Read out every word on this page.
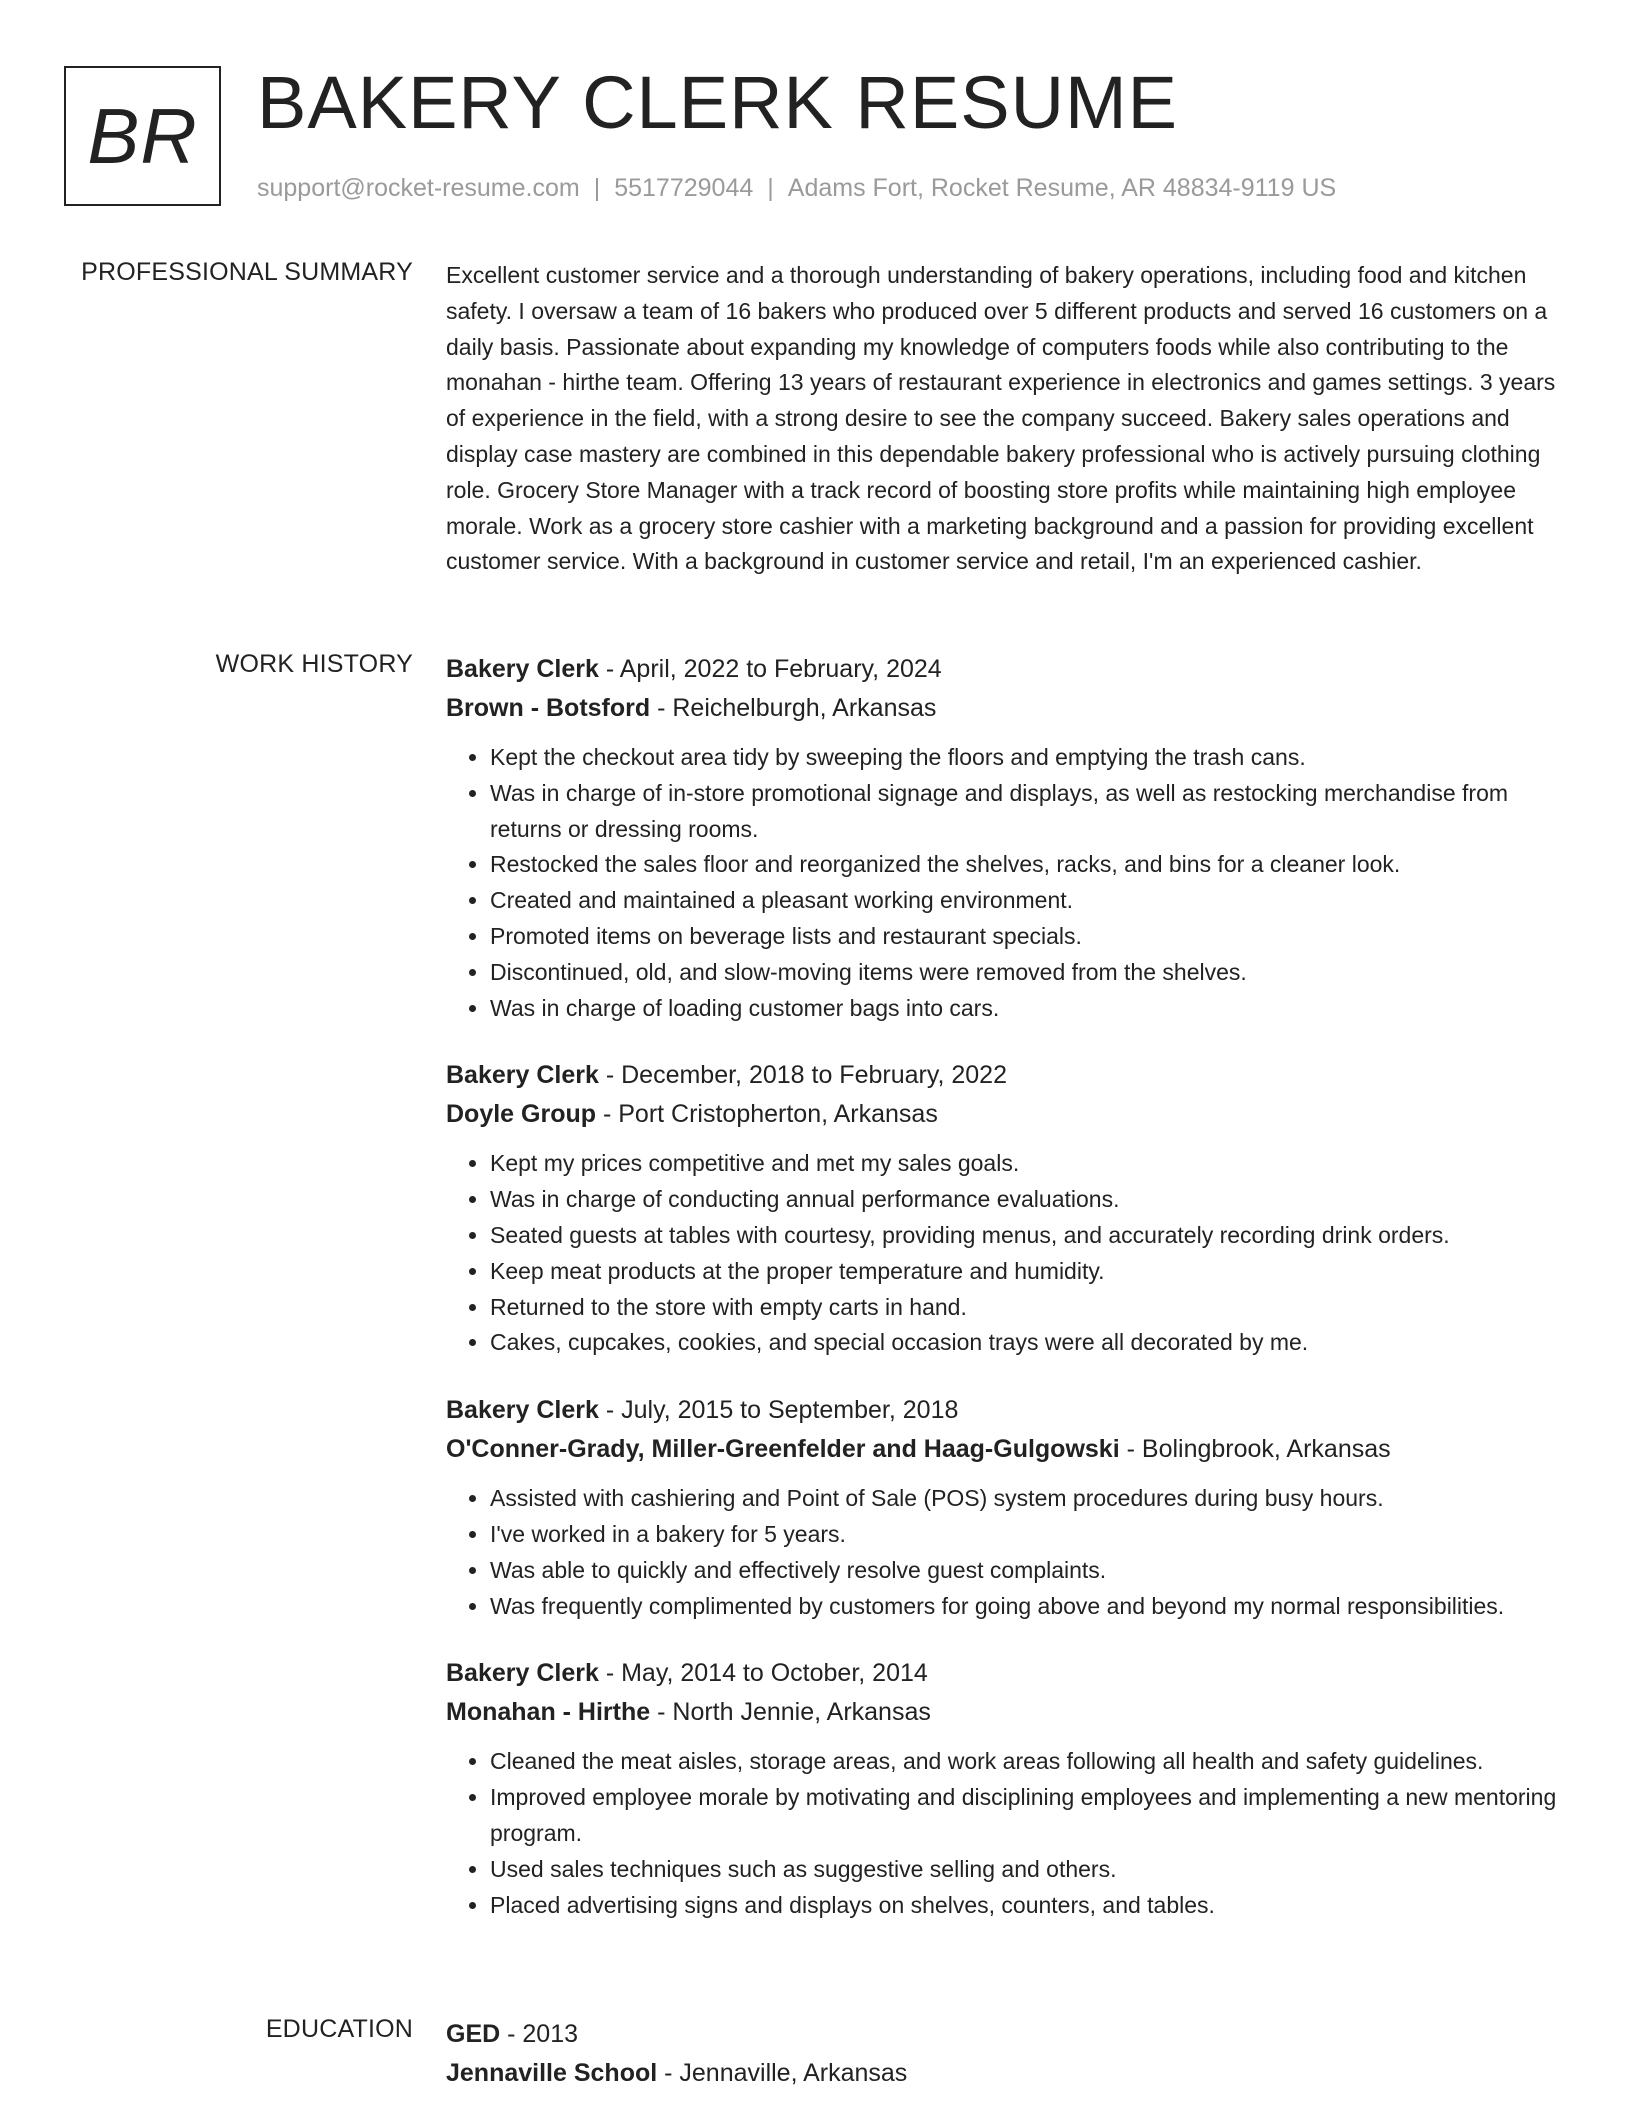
BR BAKERY CLERK RESUME
support@rocket-resume.com | 5517729044 | Adams Fort, Rocket Resume, AR 48834-9119 US
PROFESSIONAL SUMMARY Excellent customer service and a thorough understanding of bakery operations, including food and kitchen safety. I oversaw a team of 16 bakers who produced over 5 different products and served 16 customers on a daily basis. Passionate about expanding my knowledge of computers foods while also contributing to the monahan - hirthe team. Offering 13 years of restaurant experience in electronics and games settings. 3 years of experience in the field, with a strong desire to see the company succeed. Bakery sales operations and display case mastery are combined in this dependable bakery professional who is actively pursuing clothing role. Grocery Store Manager with a track record of boosting store profits while maintaining high employee morale. Work as a grocery store cashier with a marketing background and a passion for providing excellent customer service. With a background in customer service and retail, I'm an experienced cashier.

WORK HISTORY Bakery Clerk - April, 2022 to February, 2024
Brown - Botsford - Reichelburgh, Arkansas
• Kept the checkout area tidy by sweeping the floors and emptying the trash cans.
• Was in charge of in-store promotional signage and displays, as well as restocking merchandise from returns or dressing rooms.
• Restocked the sales floor and reorganized the shelves, racks, and bins for a cleaner look.
• Created and maintained a pleasant working environment.
• Promoted items on beverage lists and restaurant specials.
• Discontinued, old, and slow-moving items were removed from the shelves.
• Was in charge of loading customer bags into cars.
Bakery Clerk - December, 2018 to February, 2022
Doyle Group - Port Cristopherton, Arkansas
• Kept my prices competitive and met my sales goals.
• Was in charge of conducting annual performance evaluations.
• Seated guests at tables with courtesy, providing menus, and accurately recording drink orders.
• Keep meat products at the proper temperature and humidity.
• Returned to the store with empty carts in hand.
• Cakes, cupcakes, cookies, and special occasion trays were all decorated by me.
Bakery Clerk - July, 2015 to September, 2018
O'Conner-Grady, Miller-Greenfelder and Haag-Gulgowski - Bolingbrook, Arkansas
• Assisted with cashiering and Point of Sale (POS) system procedures during busy hours.
• I've worked in a bakery for 5 years.
• Was able to quickly and effectively resolve guest complaints.
• Was frequently complimented by customers for going above and beyond my normal responsibilities.
Bakery Clerk - May, 2014 to October, 2014
Monahan - Hirthe - North Jennie, Arkansas
• Cleaned the meat aisles, storage areas, and work areas following all health and safety guidelines.
• Improved employee morale by motivating and disciplining employees and implementing a new mentoring program.
• Used sales techniques such as suggestive selling and others.
• Placed advertising signs and displays on shelves, counters, and tables.
EDUCATION GED - 2013
Jennaville School - Jennaville, Arkansas
